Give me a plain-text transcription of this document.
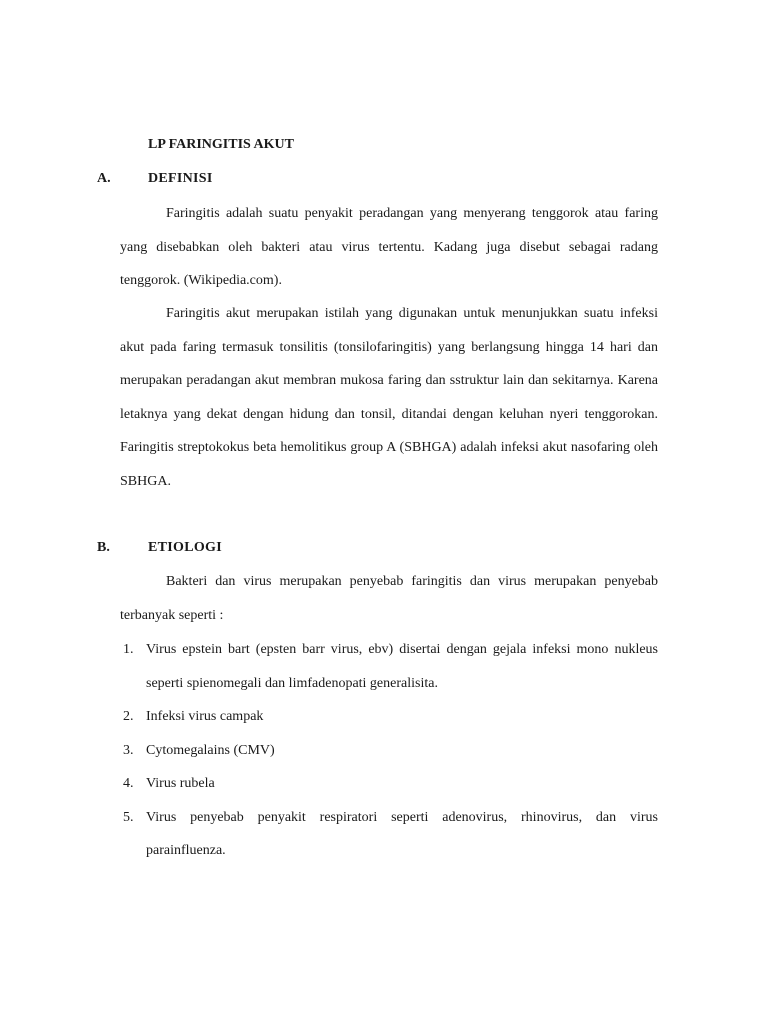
LP FARINGITIS AKUT
A.	DEFINISI

Faringitis adalah suatu penyakit peradangan yang menyerang tenggorok atau faring yang disebabkan oleh bakteri atau virus tertentu. Kadang juga disebut sebagai radang tenggorok. (Wikipedia.com).

Faringitis akut merupakan istilah yang digunakan untuk menunjukkan suatu infeksi akut pada faring termasuk tonsilitis (tonsilofaringitis) yang berlangsung hingga 14 hari dan merupakan peradangan akut membran mukosa faring dan sstruktur lain dan sekitarnya. Karena letaknya yang dekat dengan hidung dan tonsil, ditandai dengan keluhan nyeri tenggorokan. Faringitis streptokokus beta hemolitikus group A (SBHGA) adalah infeksi akut nasofaring oleh SBHGA.

B.	ETIOLOGI

Bakteri dan virus merupakan penyebab faringitis dan virus merupakan penyebab terbanyak seperti :

1. Virus epstein bart (epsten barr virus, ebv) disertai dengan gejala infeksi mono nukleus seperti spienomegali dan limfadenopati generalisita.
2. Infeksi virus campak
3. Cytomegalains (CMV)
4. Virus rubela
5. Virus penyebab penyakit respiratori seperti adenovirus, rhinovirus, dan virus parainfluenza.
